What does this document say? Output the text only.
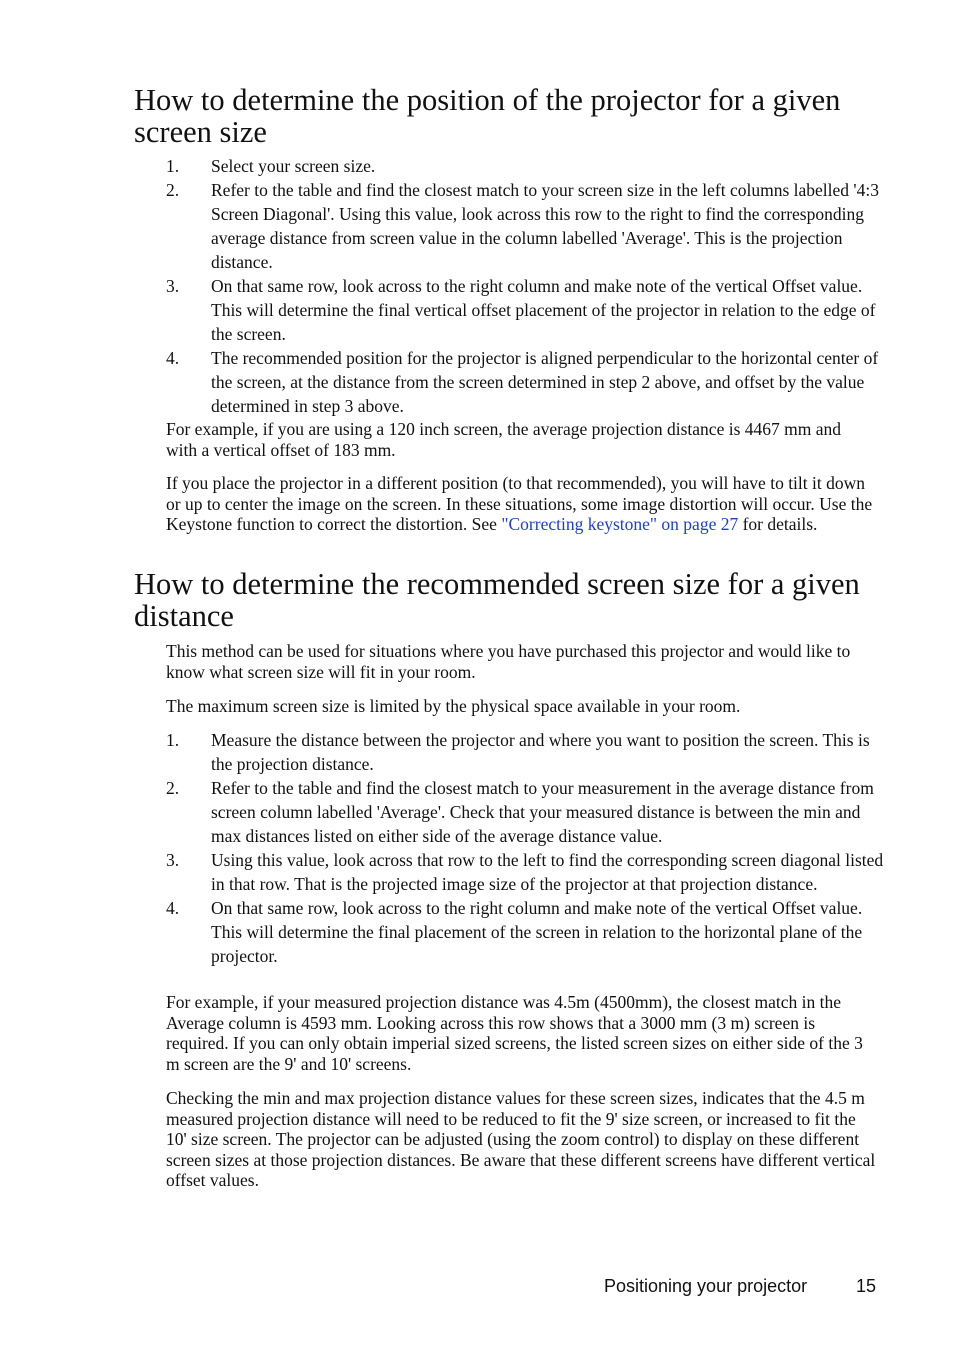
How to determine the position of the projector for a given screen size
1. Select your screen size.
2. Refer to the table and find the closest match to your screen size in the left columns labelled '4:3 Screen Diagonal'. Using this value, look across this row to the right to find the corresponding average distance from screen value in the column labelled 'Average'. This is the projection distance.
3. On that same row, look across to the right column and make note of the vertical Offset value. This will determine the final vertical offset placement of the projector in relation to the edge of the screen.
4. The recommended position for the projector is aligned perpendicular to the horizontal center of the screen, at the distance from the screen determined in step 2 above, and offset by the value determined in step 3 above.

For example, if you are using a 120 inch screen, the average projection distance is 4467 mm and with a vertical offset of 183 mm.

If you place the projector in a different position (to that recommended), you will have to tilt it down or up to center the image on the screen. In these situations, some image distortion will occur. Use the Keystone function to correct the distortion. See "Correcting keystone" on page 27 for details.

How to determine the recommended screen size for a given distance

This method can be used for situations where you have purchased this projector and would like to know what screen size will fit in your room.

The maximum screen size is limited by the physical space available in your room.

1. Measure the distance between the projector and where you want to position the screen. This is the projection distance.
2. Refer to the table and find the closest match to your measurement in the average distance from screen column labelled 'Average'. Check that your measured distance is between the min and max distances listed on either side of the average distance value.
3. Using this value, look across that row to the left to find the corresponding screen diagonal listed in that row. That is the projected image size of the projector at that projection distance.
4. On that same row, look across to the right column and make note of the vertical Offset value. This will determine the final placement of the screen in relation to the horizontal plane of the projector.

For example, if your measured projection distance was 4.5m (4500mm), the closest match in the Average column is 4593 mm. Looking across this row shows that a 3000 mm (3 m) screen is required. If you can only obtain imperial sized screens, the listed screen sizes on either side of the 3 m screen are the 9' and 10' screens.

Checking the min and max projection distance values for these screen sizes, indicates that the 4.5 m measured projection distance will need to be reduced to fit the 9' size screen, or increased to fit the 10' size screen. The projector can be adjusted (using the zoom control) to display on these different screen sizes at those projection distances. Be aware that these different screens have different vertical offset values.

Positioning your projector	15
